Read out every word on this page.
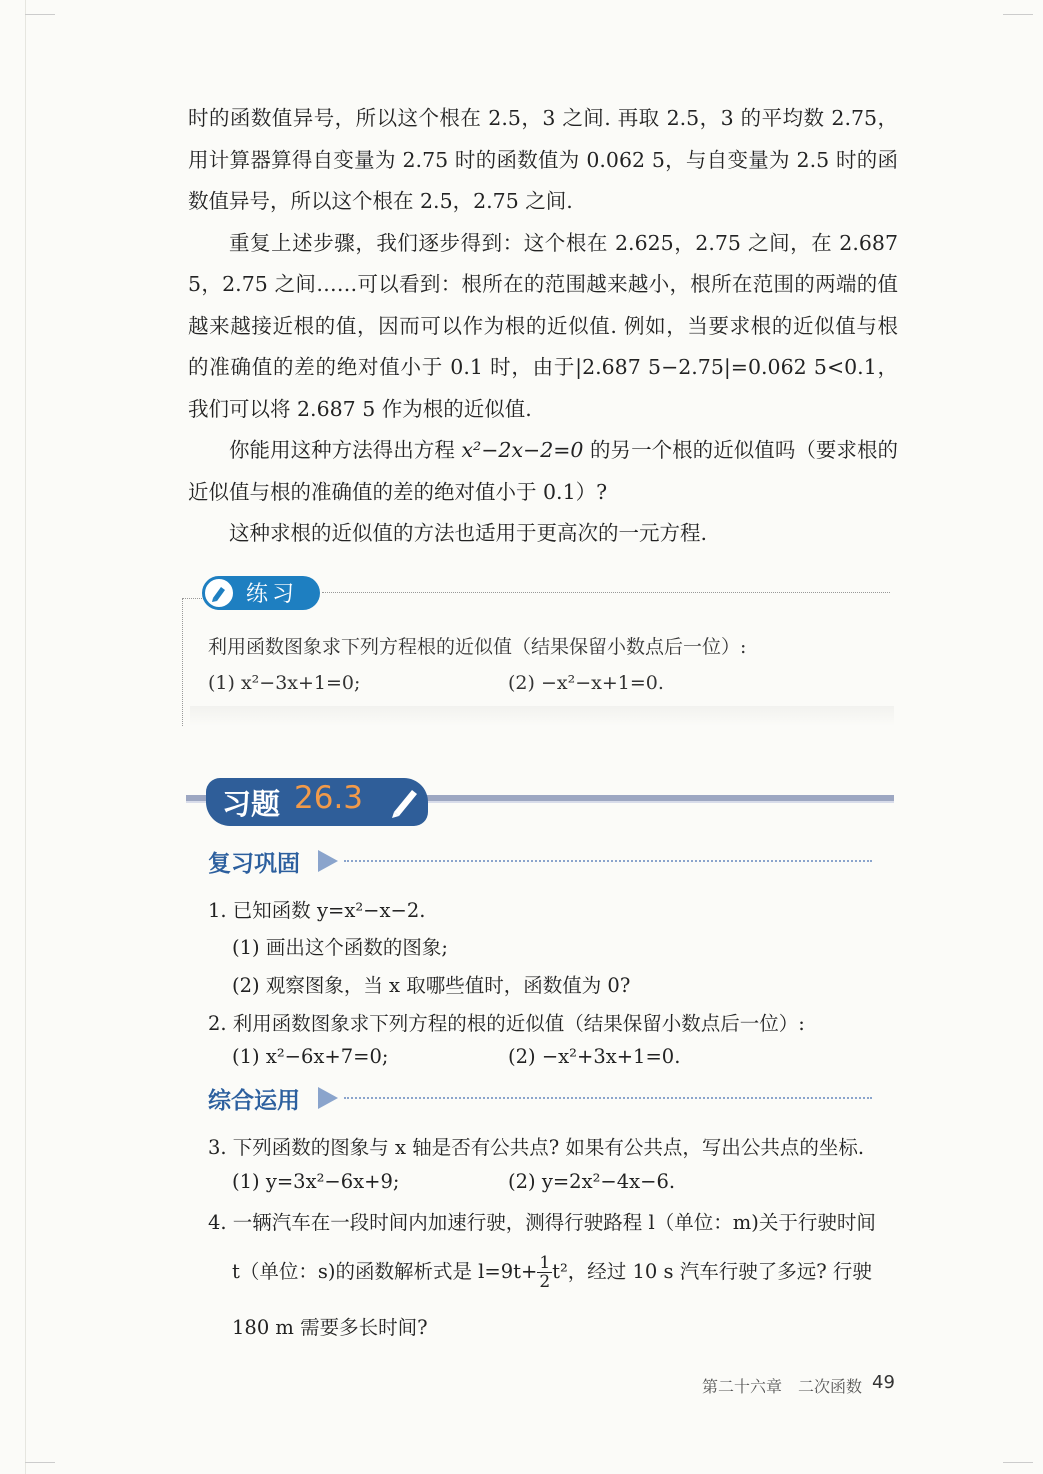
时的函数值异号，所以这个根在 2.5，3 之间. 再取 2.5，3 的平均数 2.75，用计算器算得自变量为 2.75 时的函数值为 0.062 5，与自变量为 2.5 时的函数值异号，所以这个根在 2.5，2.75 之间.

重复上述步骤，我们逐步得到：这个根在 2.625，2.75 之间，在 2.687 5，2.75 之间……可以看到：根所在的范围越来越小，根所在范围的两端的值越来越接近根的值，因而可以作为根的近似值. 例如，当要求根的近似值与根的准确值的差的绝对值小于 0.1 时，由于|2.687 5−2.75|=0.062 5<0.1，我们可以将 2.687 5 作为根的近似值.

你能用这种方法得出方程 x²−2x−2=0 的另一个根的近似值吗（要求根的近似值与根的准确值的差的绝对值小于 0.1）?

这种求根的近似值的方法也适用于更高次的一元方程.

练习
利用函数图象求下列方程根的近似值（结果保留小数点后一位）:
(1) x²−3x+1=0;	(2) −x²−x+1=0.
习题 26.3
复习巩固
1. 已知函数 y=x²−x−2.
(1) 画出这个函数的图象;
(2) 观察图象，当 x 取哪些值时，函数值为 0?
2. 利用函数图象求下列方程的根的近似值（结果保留小数点后一位）:
(1) x²−6x+7=0;	(2) −x²+3x+1=0.
综合运用
3. 下列函数的图象与 x 轴是否有公共点? 如果有公共点，写出公共点的坐标.
(1) y=3x²−6x+9;	(2) y=2x²−4x−6.
4. 一辆汽车在一段时间内加速行驶，测得行驶路程 l（单位：m)关于行驶时间
t（单位：s)的函数解析式是 $l=9t+ \frac{1}{2} t^2$，经过 10 s 汽车行驶了多远? 行驶
180 m 需要多长时间?
第二十六章　二次函数 49
